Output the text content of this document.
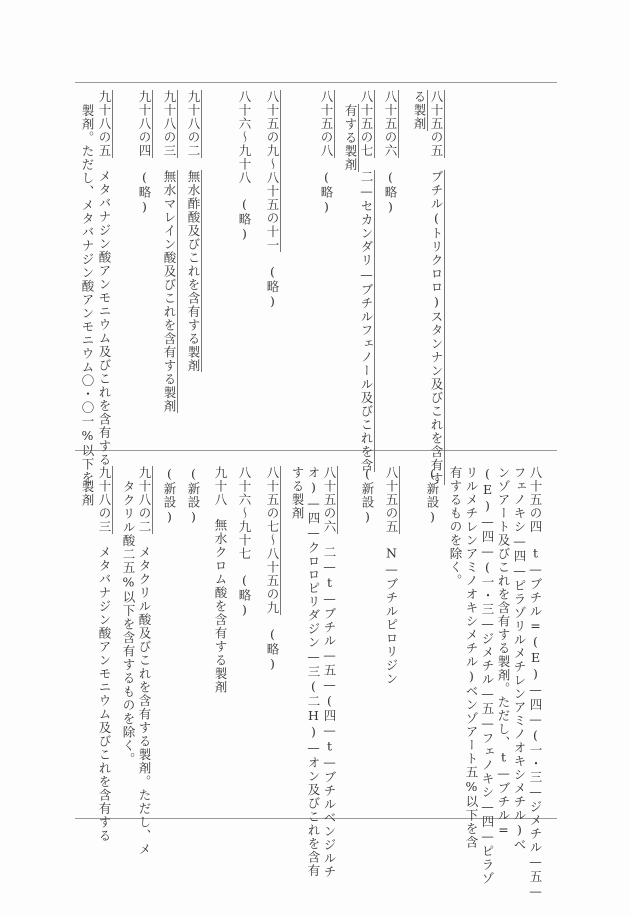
八十五の五ブチル(トリクロロ)スタンナン及びこれを含有す
る製剤
八十五の六(略)
八十五の七二—セカンダリ—ブチルフェノール及びこれを含
有する製剤
八十五の八(略)
八十五の九～八十五の十一(略)
八十六～九十八(略)
九十八の二無水酢酸及びこれを含有する製剤
九十八の三無水マレイン酸及びこれを含有する製剤
九十八の四(略)
九十八の五メタバナジン酸アンモニウム及びこれを含有する
製剤。ただし、メタバナジン酸アンモニウム〇・〇一%以下を
八十五の四t—ブチル=(E)—四—(一・三—ジメチル—五—
フェノキシ—四—ピラゾリルメチレンアミノオキシメチル)べ
ンゾアート及びこれを含有する製剤。ただし、t—ブチル=
(E)—四—(一・三—ジメチル—五—フェノキシ—四—ピラゾ
リルメチレンアミノオキシメチル)ベンゾアート五%以下を含
有するものを除く。
(新設)
八十五の五N—ブチルピロリジン
(新設)
八十五の六二—t—ブチル—五—(四—t—ブチルベンジルチ
オ)—四—クロロピリダジン—三(二H)—オン及びこれを含有
する製剤
八十五の七～八十五の九(略)
八十六～九十七(略)
九十八無水クロム酸を含有する製剤
(新設)
(新設)
九十八の二メタクリル酸及びこれを含有する製剤。ただし、メ
タクリル酸二五%以下を含有するものを除く。
九十八の三メタバナジン酸アンモニウム及びこれを含有する
製剤
